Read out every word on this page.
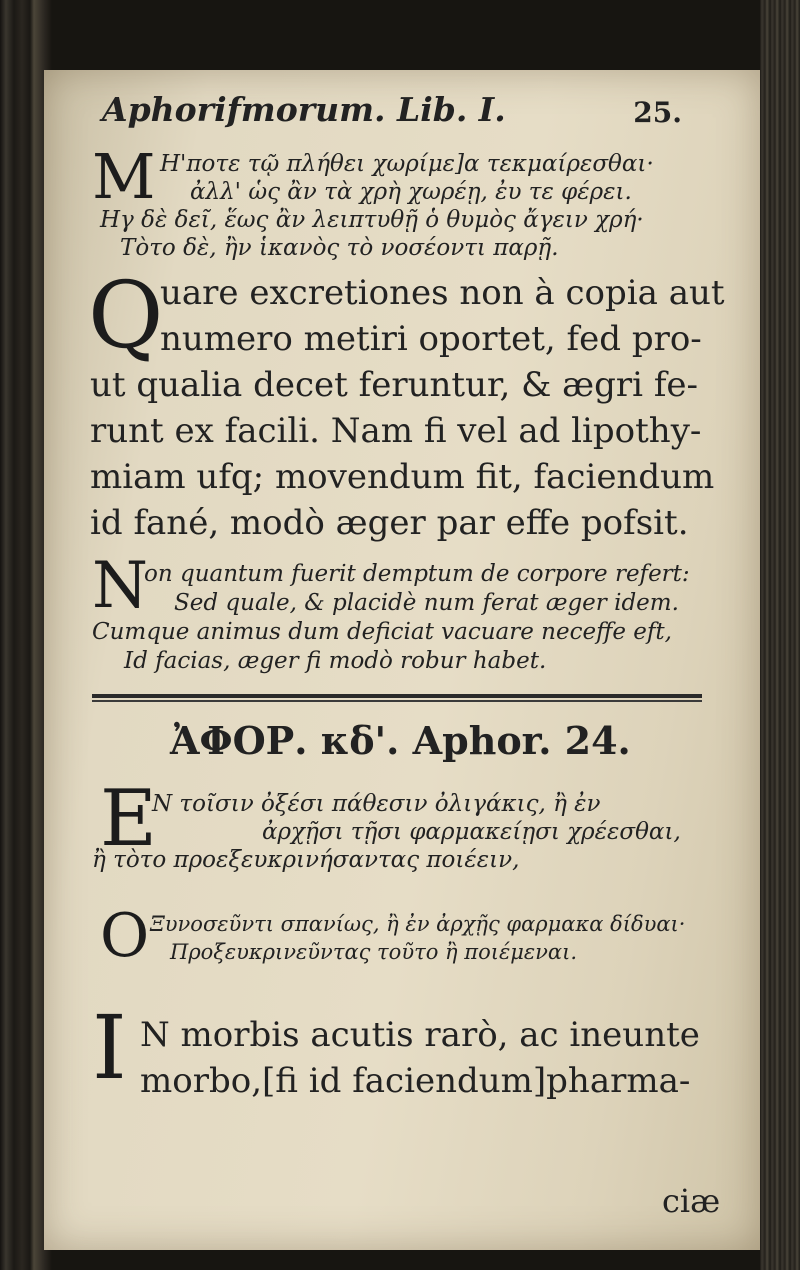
Aphorifmorum. Lib. I.	25.
M H'ποτε τῷ πλήθει χωρίμε]α τεκμαίρεσθαι·
ἀλλ' ὡς ἂν τὰ χρὴ χωρέῃ, ἐυ τε φέρει.
Ηγ δὲ δεῖ, ἕως ἂν λειπτυθῇ ὁ θυμὸς ἄγειν χρή·
Τὸτο δὲ, ἢν ἱκανὸς τὸ νοσέοντι παρῇ.
Q
uare excretiones non à copia aut
numero metiri oportet, fed pro-
ut qualia decet feruntur, & ægri fe-
runt ex facili. Nam fi vel ad lipothy-
miam ufq; movendum fit, faciendum
id fané, modò æger par effe pofsit.
N
on quantum fuerit demptum de corpore refert:
Sed quale, & placidè num ferat æger idem.
Cumque animus dum deficiat vacuare neceffe eft,
Id facias, æger fi modò robur habet.
ἈΦΟΡ. κδ'. Aphor. 24.
E
N τοῖσιν ὀξέσι πάθεσιν ὀλιγάκις, ἢ ἐν
ἀρχῇσι τῇσι φαρμακείῃσι χρέεσθαι,
ἢ τὸτο προεξευκρινήσαντας ποιέειν,
O Ξυνοσεῦντι σπανίως, ἢ ἐν ἀρχῇς φαρμακα δίδυαι·
Προξευκρινεῦντας τοῦτο ἢ ποιέμεναι.
I N morbis acutis rarò, ac ineunte
morbo,[fi id faciendum]pharma-
ciæ
